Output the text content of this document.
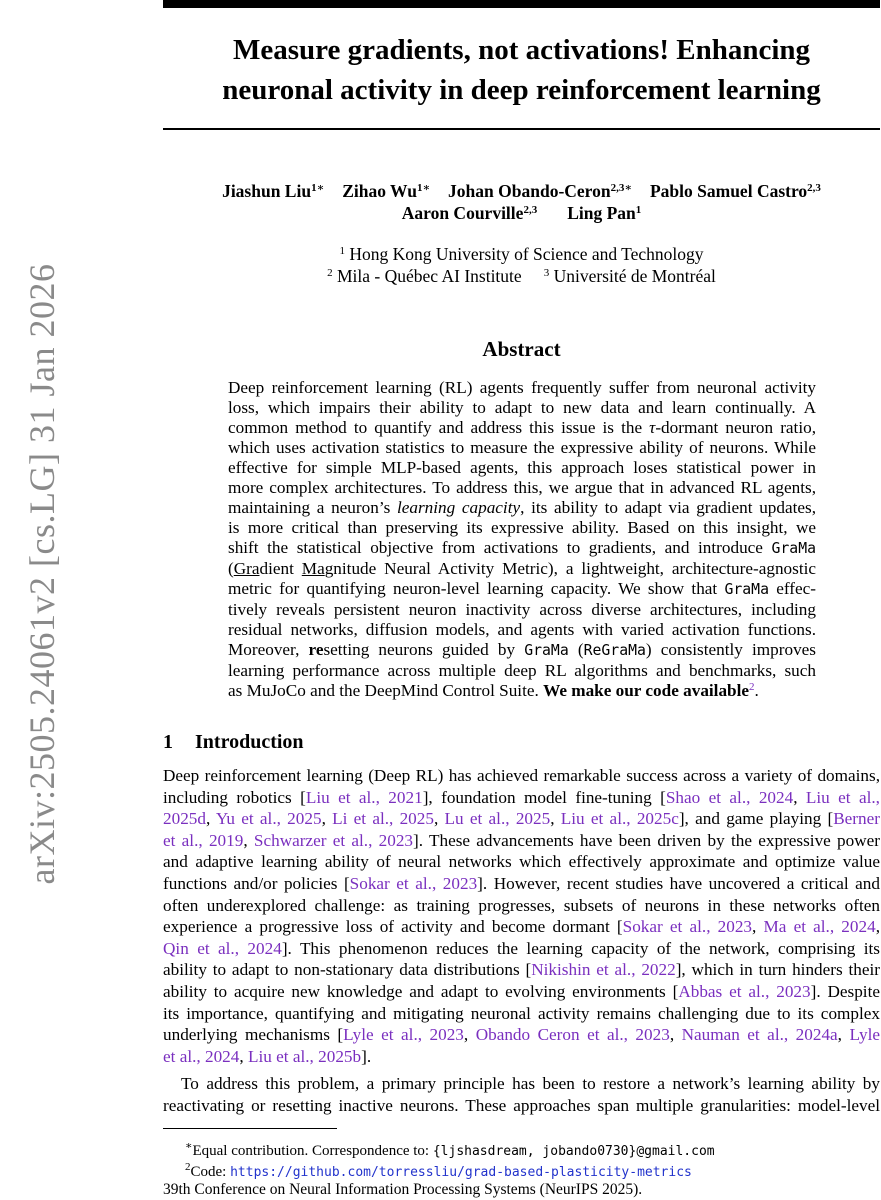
arXiv:2505.24061v2 [cs.LG] 31 Jan 2026
Measure gradients, not activations! Enhancing
neuronal activity in deep reinforcement learning
Jiashun Liu$^{1∗}$ Zihao $Wu^{1∗}$ Johan Obando-Ceron$^{2,3∗}$ Pablo Samuel Castro$^{2,3}$
Aaron Courville$^{2,3}$ Ling Pan$^1$
$^1$ Hong Kong University of Science and Technology
$^2$ Mila - Québec AI Institute $^3$ Université de Montréal
Abstract
Deep reinforcement learning (RL) agents frequently suffer from neuronal activity
loss, which impairs their ability to adapt to new data and learn continually. A
common method to quantify and address this issue is the τ-dormant neuron ratio,
which uses activation statistics to measure the expressive ability of neurons. While
effective for simple MLP-based agents, this approach loses statistical power in
more complex architectures. To address this, we argue that in advanced RL agents,
maintaining a neuron’s learning capacity, its ability to adapt via gradient updates,
is more critical than preserving its expressive ability. Based on this insight, we
shift the statistical objective from activations to gradients, and introduce GraMa
(Gradient Magnitude Neural Activity Metric), a lightweight, architecture-agnostic
metric for quantifying neuron-level learning capacity. We show that GraMa effec-
tively reveals persistent neuron inactivity across diverse architectures, including
residual networks, diffusion models, and agents with varied activation functions.
Moreover, resetting neurons guided by GraMa (ReGraMa) consistently improves
learning performance across multiple deep RL algorithms and benchmarks, such
as MuJoCo and the DeepMind Control Suite. We make our code available$^2$.
1 Introduction
Deep reinforcement learning (Deep RL) has achieved remarkable success across a variety of domains,
including robotics [Liu et al., 2021], foundation model fine-tuning [Shao et al., 2024, Liu et al.,
2025d, Yu et al., 2025, Li et al., 2025, Lu et al., 2025, Liu et al., 2025c], and game playing [Berner
et al., 2019, Schwarzer et al., 2023]. These advancements have been driven by the expressive power
and adaptive learning ability of neural networks which effectively approximate and optimize value
functions and/or policies [Sokar et al., 2023]. However, recent studies have uncovered a critical and
often underexplored challenge: as training progresses, subsets of neurons in these networks often
experience a progressive loss of activity and become dormant [Sokar et al., 2023, Ma et al., 2024,
Qin et al., 2024]. This phenomenon reduces the learning capacity of the network, comprising its
ability to adapt to non-stationary data distributions [Nikishin et al., 2022], which in turn hinders their
ability to acquire new knowledge and adapt to evolving environments [Abbas et al., 2023]. Despite
its importance, quantifying and mitigating neuronal activity remains challenging due to its complex
underlying mechanisms [Lyle et al., 2023, Obando Ceron et al., 2023, Nauman et al., 2024a, Lyle
et al., 2024, Liu et al., 2025b].
To address this problem, a primary principle has been to restore a network’s learning ability by
reactivating or resetting inactive neurons. These approaches span multiple granularities: model-level
∗Equal contribution. Correspondence to: {ljshasdream, jobando0730}@gmail.com
$^2$Code: https://github.com/torressliu/grad-based-plasticity-metrics
39th Conference on Neural Information Processing Systems (NeurIPS 2025).
